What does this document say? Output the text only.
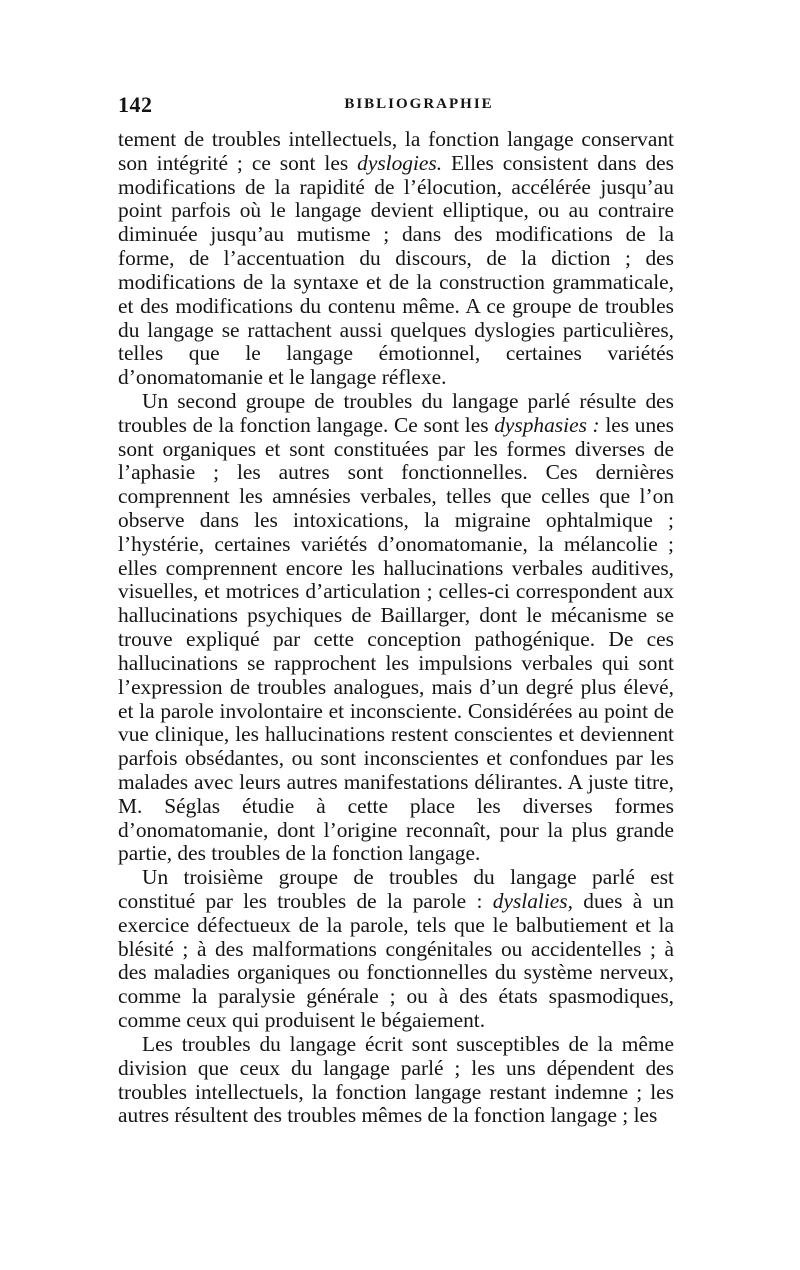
142	BIBLIOGRAPHIE

tement de troubles intellectuels, la fonction langage conservant son intégrité ; ce sont les dyslogies. Elles consistent dans des modifications de la rapidité de l’élocution, accélérée jusqu’au point parfois où le langage devient elliptique, ou au contraire diminuée jusqu’au mutisme ; dans des modifications de la forme, de l’accentuation du discours, de la diction ; des modifications de la syntaxe et de la construction grammaticale, et des modifications du contenu même. A ce groupe de troubles du langage se rattachent aussi quelques dyslogies particulières, telles que le langage émotionnel, certaines variétés d’onomatomanie et le langage réflexe.

Un second groupe de troubles du langage parlé résulte des troubles de la fonction langage. Ce sont les dysphasies : les unes sont organiques et sont constituées par les formes diverses de l’aphasie ; les autres sont fonctionnelles. Ces dernières comprennent les amnésies verbales, telles que celles que l’on observe dans les intoxications, la migraine ophtalmique ; l’hystérie, certaines variétés d’onomatomanie, la mélancolie ; elles comprennent encore les hallucinations verbales auditives, visuelles, et motrices d’articulation ; celles-ci correspondent aux hallucinations psychiques de Baillarger, dont le mécanisme se trouve expliqué par cette conception pathogénique. De ces hallucinations se rapprochent les impulsions verbales qui sont l’expression de troubles analogues, mais d’un degré plus élevé, et la parole involontaire et inconsciente. Considérées au point de vue clinique, les hallucinations restent conscientes et deviennent parfois obsédantes, ou sont inconscientes et confondues par les malades avec leurs autres manifestations délirantes. A juste titre, M. Séglas étudie à cette place les diverses formes d’onomatomanie, dont l’origine reconnaît, pour la plus grande partie, des troubles de la fonction langage.

Un troisième groupe de troubles du langage parlé est constitué par les troubles de la parole : dyslalies, dues à un exercice défectueux de la parole, tels que le balbutiement et la blésité ; à des malformations congénitales ou accidentelles ; à des maladies organiques ou fonctionnelles du système nerveux, comme la paralysie générale ; ou à des états spasmodiques, comme ceux qui produisent le bégaiement.

Les troubles du langage écrit sont susceptibles de la même division que ceux du langage parlé ; les uns dépendent des troubles intellectuels, la fonction langage restant indemne ; les autres résultent des troubles mêmes de la fonction langage ; les
